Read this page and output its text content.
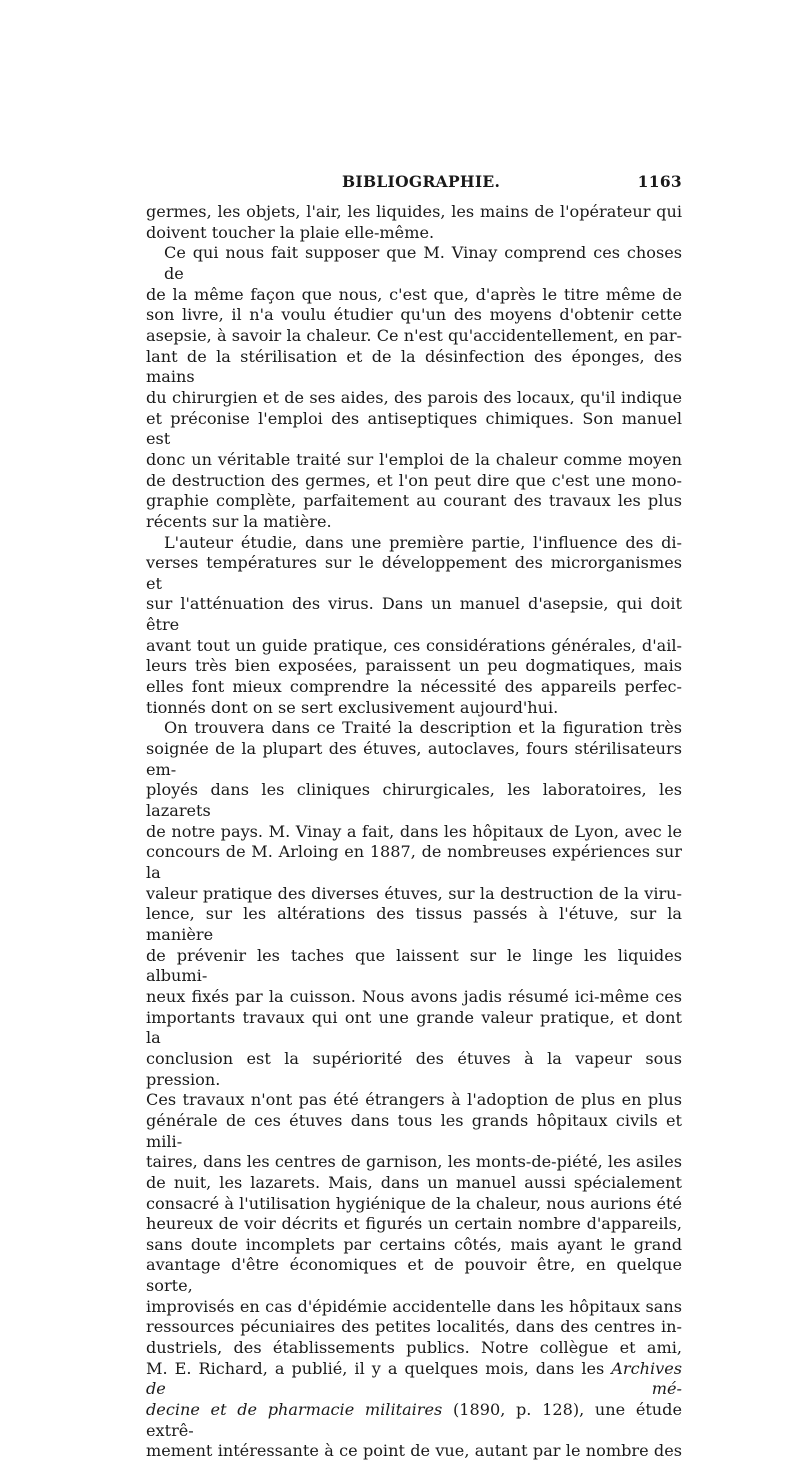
BIBLIOGRAPHIE.	1163
germes, les objets, l'air, les liquides, les mains de l'opérateur qui
doivent toucher la plaie elle-même.
Ce qui nous fait supposer que M. Vinay comprend ces choses de
de la même façon que nous, c'est que, d'après le titre même de
son livre, il n'a voulu étudier qu'un des moyens d'obtenir cette
asepsie, à savoir la chaleur. Ce n'est qu'accidentellement, en par-
lant de la stérilisation et de la désinfection des éponges, des mains
du chirurgien et de ses aides, des parois des locaux, qu'il indique
et préconise l'emploi des antiseptiques chimiques. Son manuel est
donc un véritable traité sur l'emploi de la chaleur comme moyen
de destruction des germes, et l'on peut dire que c'est une mono-
graphie complète, parfaitement au courant des travaux les plus
récents sur la matière.
L'auteur étudie, dans une première partie, l'influence des di-
verses températures sur le développement des microrganismes et
sur l'atténuation des virus. Dans un manuel d'asepsie, qui doit être
avant tout un guide pratique, ces considérations générales, d'ail-
leurs très bien exposées, paraissent un peu dogmatiques, mais
elles font mieux comprendre la nécessité des appareils perfec-
tionnés dont on se sert exclusivement aujourd'hui.
On trouvera dans ce Traité la description et la figuration très
soignée de la plupart des étuves, autoclaves, fours stérilisateurs em-
ployés dans les cliniques chirurgicales, les laboratoires, les lazarets
de notre pays. M. Vinay a fait, dans les hôpitaux de Lyon, avec le
concours de M. Arloing en 1887, de nombreuses expériences sur la
valeur pratique des diverses étuves, sur la destruction de la viru-
lence, sur les altérations des tissus passés à l'étuve, sur la manière
de prévenir les taches que laissent sur le linge les liquides albumi-
neux fixés par la cuisson. Nous avons jadis résumé ici-même ces
importants travaux qui ont une grande valeur pratique, et dont la
conclusion est la supériorité des étuves à la vapeur sous pression.
Ces travaux n'ont pas été étrangers à l'adoption de plus en plus
générale de ces étuves dans tous les grands hôpitaux civils et mili-
taires, dans les centres de garnison, les monts-de-piété, les asiles
de nuit, les lazarets. Mais, dans un manuel aussi spécialement
consacré à l'utilisation hygiénique de la chaleur, nous aurions été
heureux de voir décrits et figurés un certain nombre d'appareils,
sans doute incomplets par certains côtés, mais ayant le grand
avantage d'être économiques et de pouvoir être, en quelque sorte,
improvisés en cas d'épidémie accidentelle dans les hôpitaux sans
ressources pécuniaires des petites localités, dans des centres in-
dustriels, des établissements publics. Notre collègue et ami,
M. E. Richard, a publié, il y a quelques mois, dans les Archives de mé-
decine et de pharmacie militaires (1890, p. 128), une étude extrê-
mement intéressante à ce point de vue, autant par le nombre des
